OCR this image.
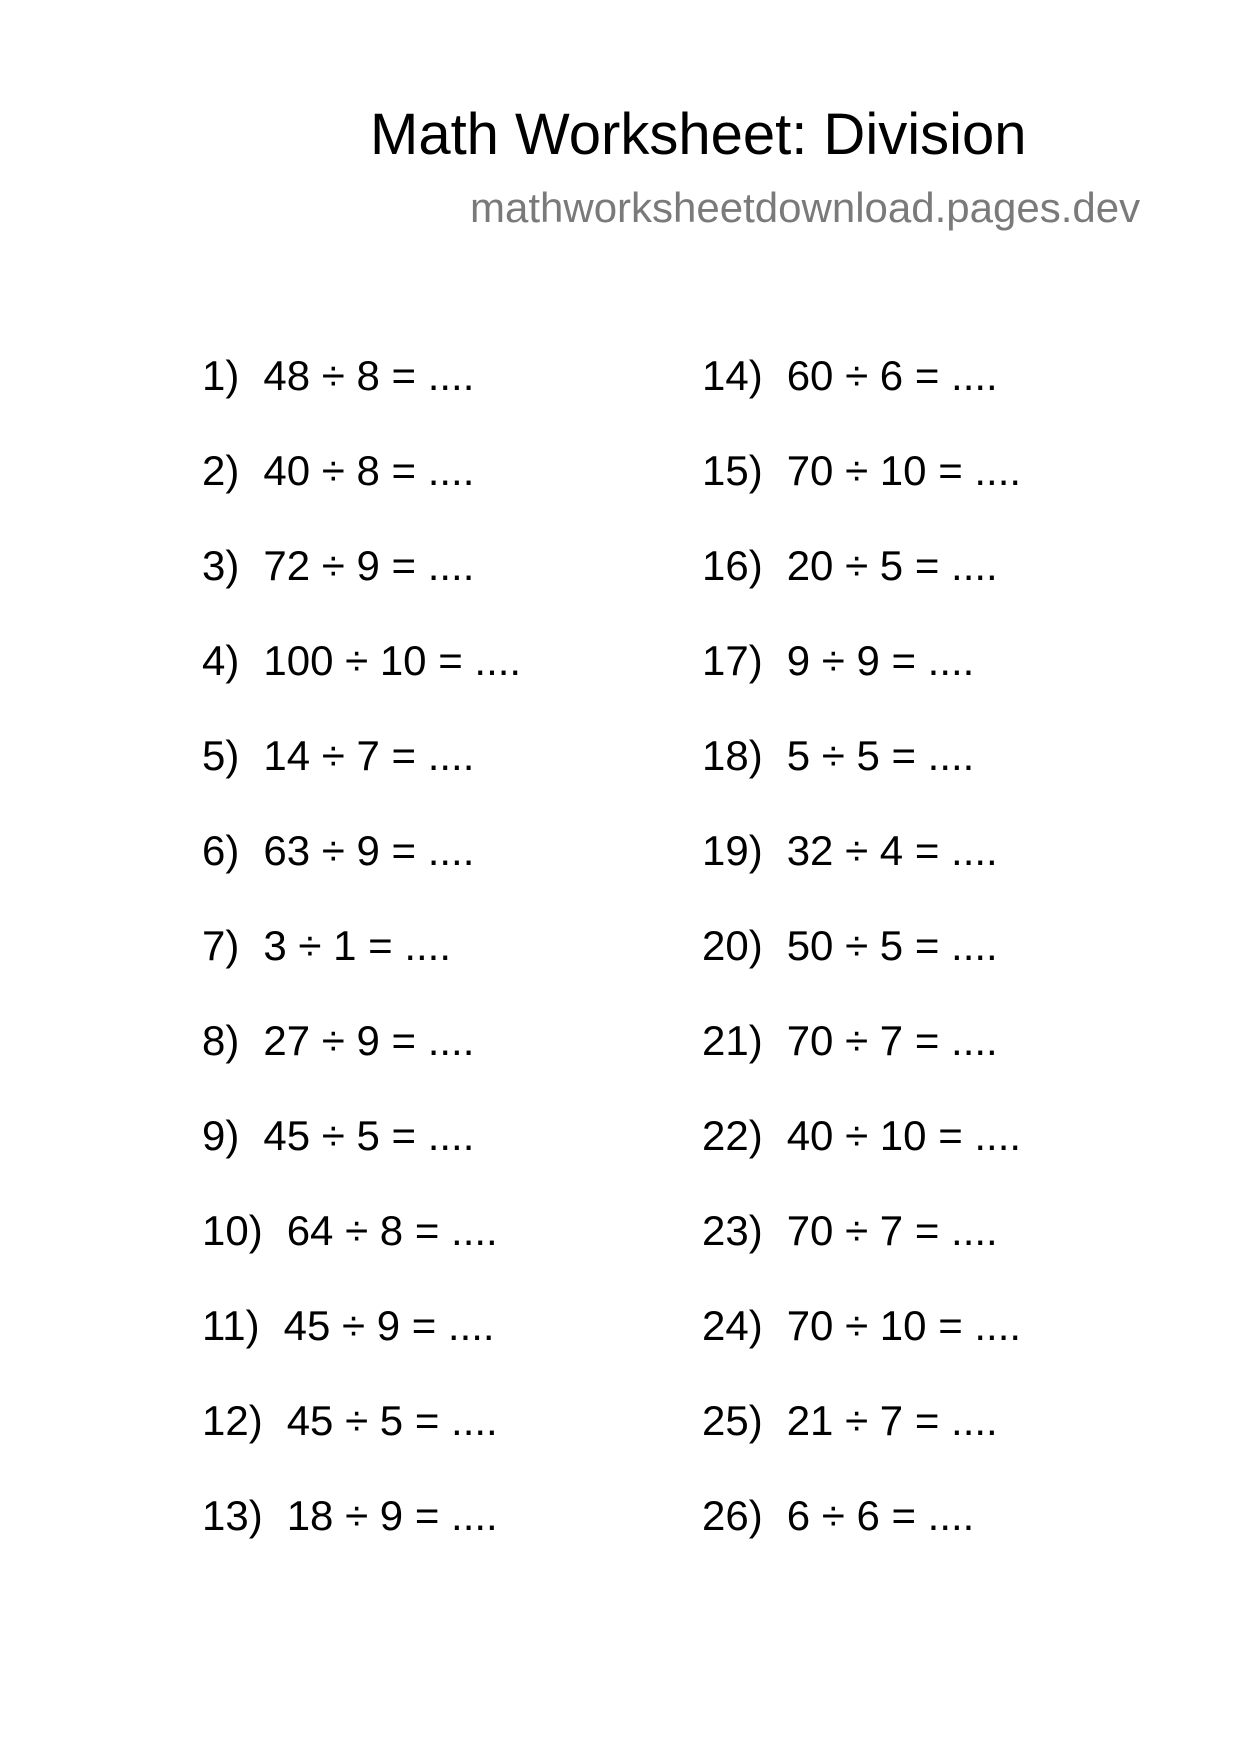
Math Worksheet: Division
mathworksheetdownload.pages.dev
1) 48 ÷ 8 = ....
2) 40 ÷ 8 = ....
3) 72 ÷ 9 = ....
4) 100 ÷ 10 = ....
5) 14 ÷ 7 = ....
6) 63 ÷ 9 = ....
7) 3 ÷ 1 = ....
8) 27 ÷ 9 = ....
9) 45 ÷ 5 = ....
10) 64 ÷ 8 = ....
11) 45 ÷ 9 = ....
12) 45 ÷ 5 = ....
13) 18 ÷ 9 = ....
14) 60 ÷ 6 = ....
15) 70 ÷ 10 = ....
16) 20 ÷ 5 = ....
17) 9 ÷ 9 = ....
18) 5 ÷ 5 = ....
19) 32 ÷ 4 = ....
20) 50 ÷ 5 = ....
21) 70 ÷ 7 = ....
22) 40 ÷ 10 = ....
23) 70 ÷ 7 = ....
24) 70 ÷ 10 = ....
25) 21 ÷ 7 = ....
26) 6 ÷ 6 = ....
